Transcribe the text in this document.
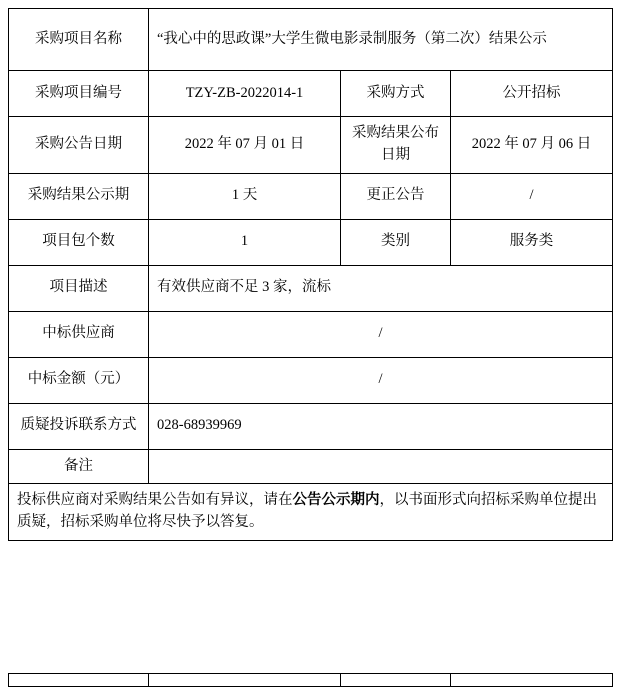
采购项目名称	“我心中的思政课”大学生微电影录制服务（第二次）结果公示		
采购项目编号	TZY-ZB-2022014-1	采购方式	公开招标
采购公告日期	2022 年 07 月 01 日	采购结果公布日期	2022 年 07 月 06 日
采购结果公示期	1 天	更正公告	/
项目包个数	1	类别	服务类
项目描述	有效供应商不足 3 家，流标		
中标供应商	/		
中标金额（元）	/		
质疑投诉联系方式	028-68939969		
备注			
投标供应商对采购结果公告如有异议，请在公告公示期内，以书面形式向招标采购单位提出质疑，招标采购单位将尽快予以答复。			
